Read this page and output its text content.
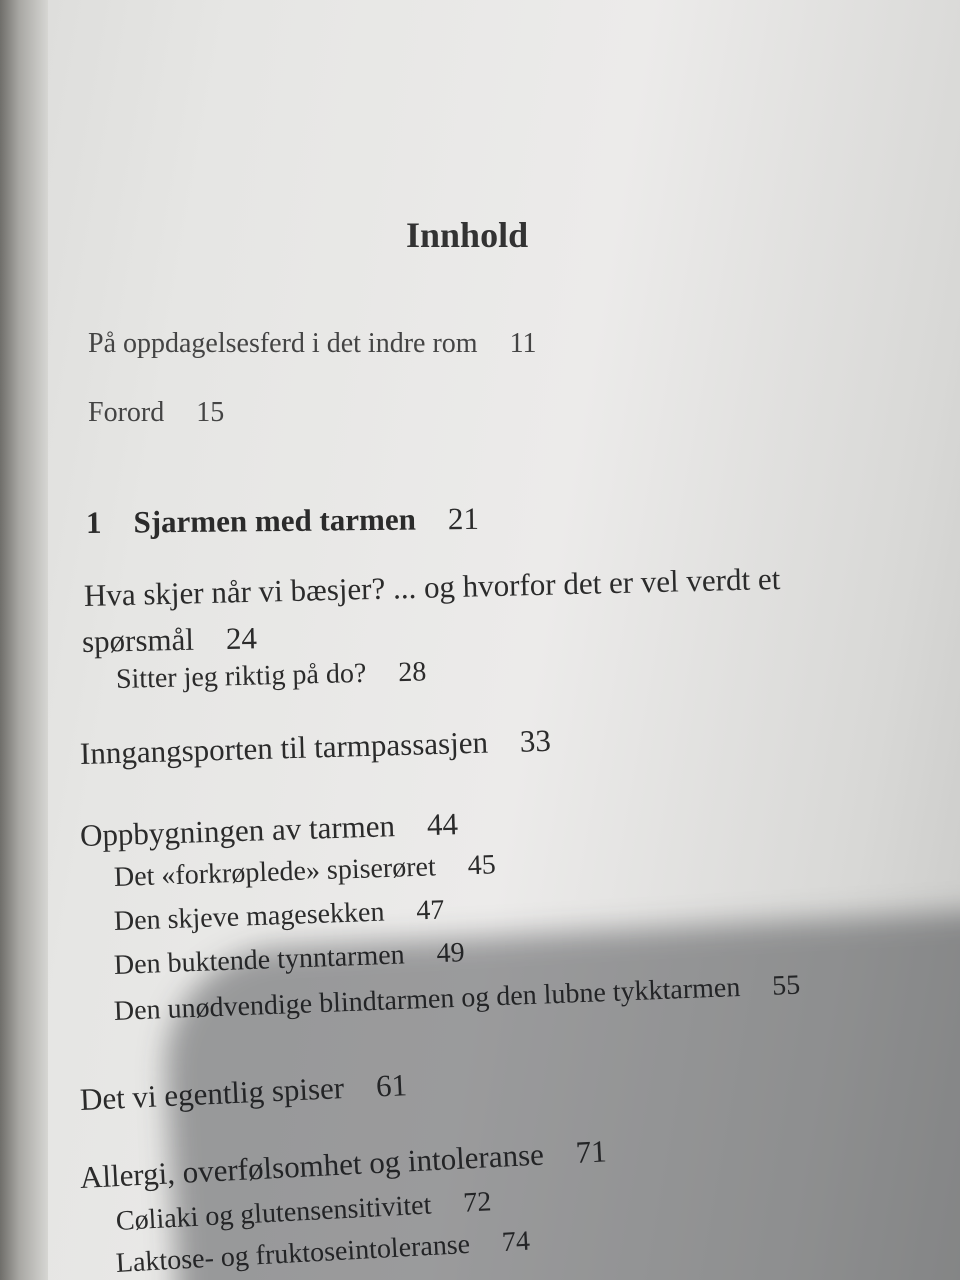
Innhold
På oppdagelsesferd i det indre rom 11
Forord 15
1 Sjarmen med tarmen 21
Hva skjer når vi bæsjer? ... og hvorfor det er vel verdt et
spørsmål 24
Sitter jeg riktig på do? 28
Inngangsporten til tarmpassasjen 33
Oppbygningen av tarmen 44
Det «forkrøplede» spiserøret 45
Den skjeve magesekken 47
Den buktende tynntarmen 49
Den unødvendige blindtarmen og den lubne tykktarmen 55
Det vi egentlig spiser 61
Allergi, overfølsomhet og intoleranse 71
Cøliaki og glutensensitivitet 72
Laktose- og fruktoseintoleranse 74
